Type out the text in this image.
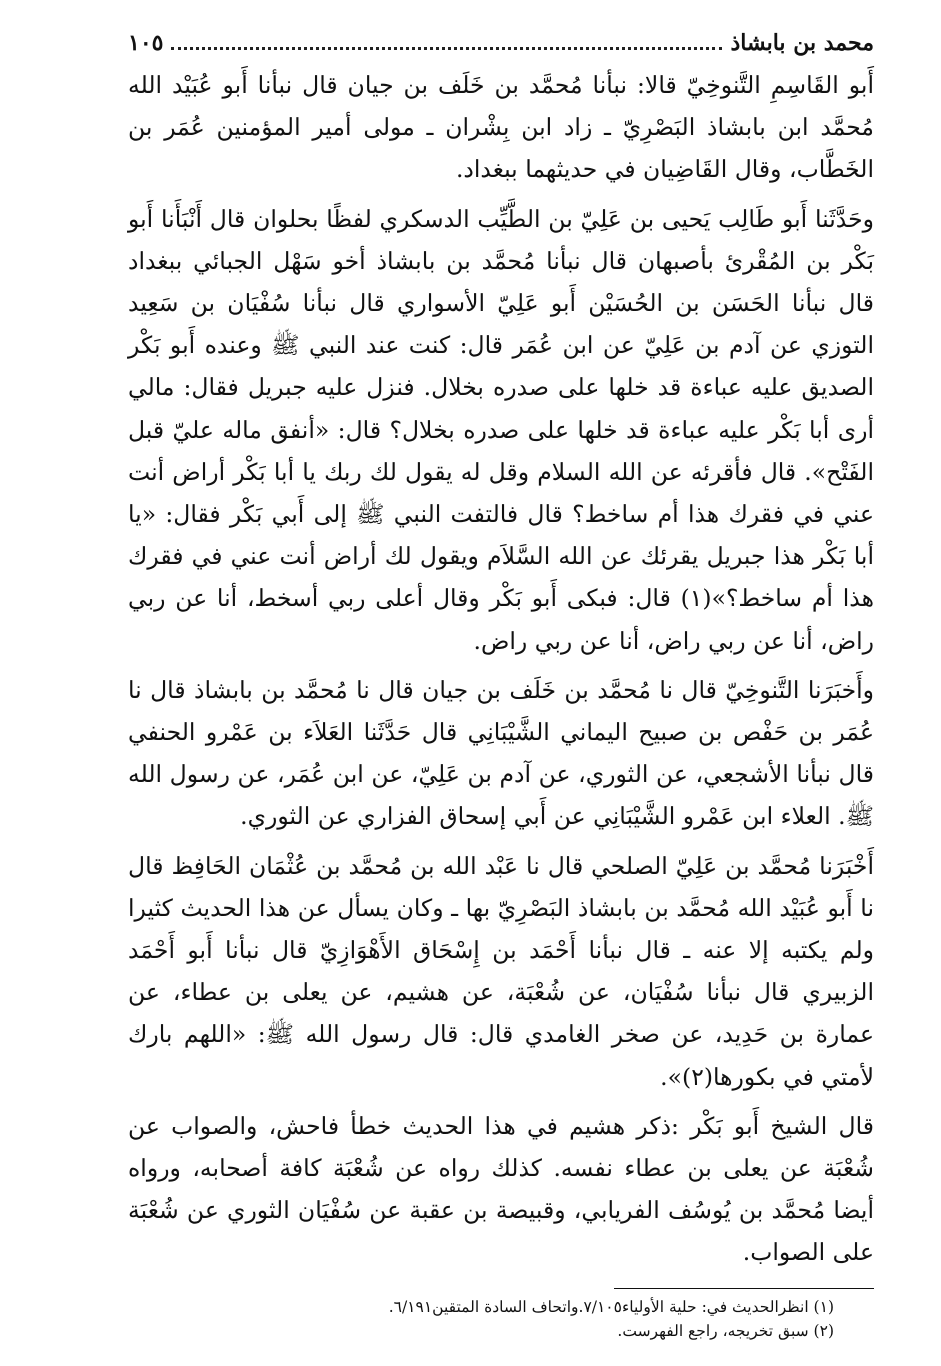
محمد بن بابشاذ
١٠٥

أَبو القَاسِمِ التَّنوخِيّ قالا: نبأنا مُحمَّد بن خَلَف بن جيان قال نبأنا أَبو عُبَيْد الله مُحمَّد ابن بابشاذ البَصْرِيّ ـ زاد ابن بِشْران ـ مولى أمير المؤمنين عُمَر بن الخَطَّاب، وقال القَاضِيان في حديثهما ببغداد.

وحَدَّثَنا أَبو طَالِب يَحيى بن عَلِيّ بن الطَّيِّب الدسكري لفظًا بحلوان قال أَنْبَأَنا أَبو بَكْر بن المُقْرئ بأصبهان قال نبأنا مُحمَّد بن بابشاذ أخو سَهْل الجبائي ببغداد قال نبأنا الحَسَن بن الحُسَيْن أَبو عَلِيّ الأسواري قال نبأنا سُفْيَان بن سَعِيد التوزي عن آدم بن عَلِيّ عن ابن عُمَر قال: كنت عند النبي ﷺ وعنده أَبو بَكْر الصديق عليه عباءة قد خلها على صدره بخلال. فنزل عليه جبريل فقال: مالي أرى أبا بَكْر عليه عباءة قد خلها على صدره بخلال؟ قال: «أنفق ماله عليّ قبل الفَتْح». قال فأقرئه عن الله السلام وقل له يقول لك ربك يا أبا بَكْر أراض أنت عني في فقرك هذا أم ساخط؟ قال فالتفت النبي ﷺ إلى أَبي بَكْر فقال: «يا أبا بَكْر هذا جبريل يقرئك عن الله السَّلاَم ويقول لك أراض أنت عني في فقرك هذا أم ساخط؟»(١) قال: فبكى أَبو بَكْر وقال أعلى ربي أسخط، أنا عن ربي راض، أنا عن ربي راض، أنا عن ربي راض.

وأَخبَرَنا التَّنوخِيّ قال نا مُحمَّد بن خَلَف بن جيان قال نا مُحمَّد بن بابشاذ قال نا عُمَر بن حَفْص بن صبيح اليماني الشَّيْبَانِي قال حَدَّثَنا العَلاَء بن عَمْرو الحنفي قال نبأنا الأشجعي، عن الثوري، عن آدم بن عَلِيّ، عن ابن عُمَر، عن رسول الله ﷺ. العلاء ابن عَمْرو الشَّيْبَانِي عن أَبي إسحاق الفزاري عن الثوري.

أَخْبَرَنا مُحمَّد بن عَلِيّ الصلحي قال نا عَبْد الله بن مُحمَّد بن عُثْمَان الحَافِظ قال نا أَبو عُبَيْد الله مُحمَّد بن بابشاذ البَصْرِيّ بها ـ وكان يسأل عن هذا الحديث كثيرا ولم يكتبه إلا عنه ـ قال نبأنا أَحْمَد بن إِسْحَاق الأَهْوَازِيّ قال نبأنا أَبو أَحْمَد الزبيري قال نبأنا سُفْيَان، عن شُعْبَة، عن هشيم، عن يعلى بن عطاء، عن عمارة بن حَدِيد، عن صخر الغامدي قال: قال رسول الله ﷺ: «اللهم بارك لأمتي في بكورها(٢)».

قال الشيخ أَبو بَكْر :ذكر هشيم في هذا الحديث خطأ فاحش، والصواب عن شُعْبَة عن يعلى بن عطاء نفسه. كذلك رواه عن شُعْبَة كافة أصحابه، ورواه أيضا مُحمَّد بن يُوسُف الفريابي، وقبيصة بن عقبة عن سُفْيَان الثوري عن شُعْبَة على الصواب.

(١) انظرالحديث في: حلية الأولياء٧/١٠٥.واتحاف السادة المتقين٦/١٩١.

(٢) سبق تخريجه، راجع الفهرست.
